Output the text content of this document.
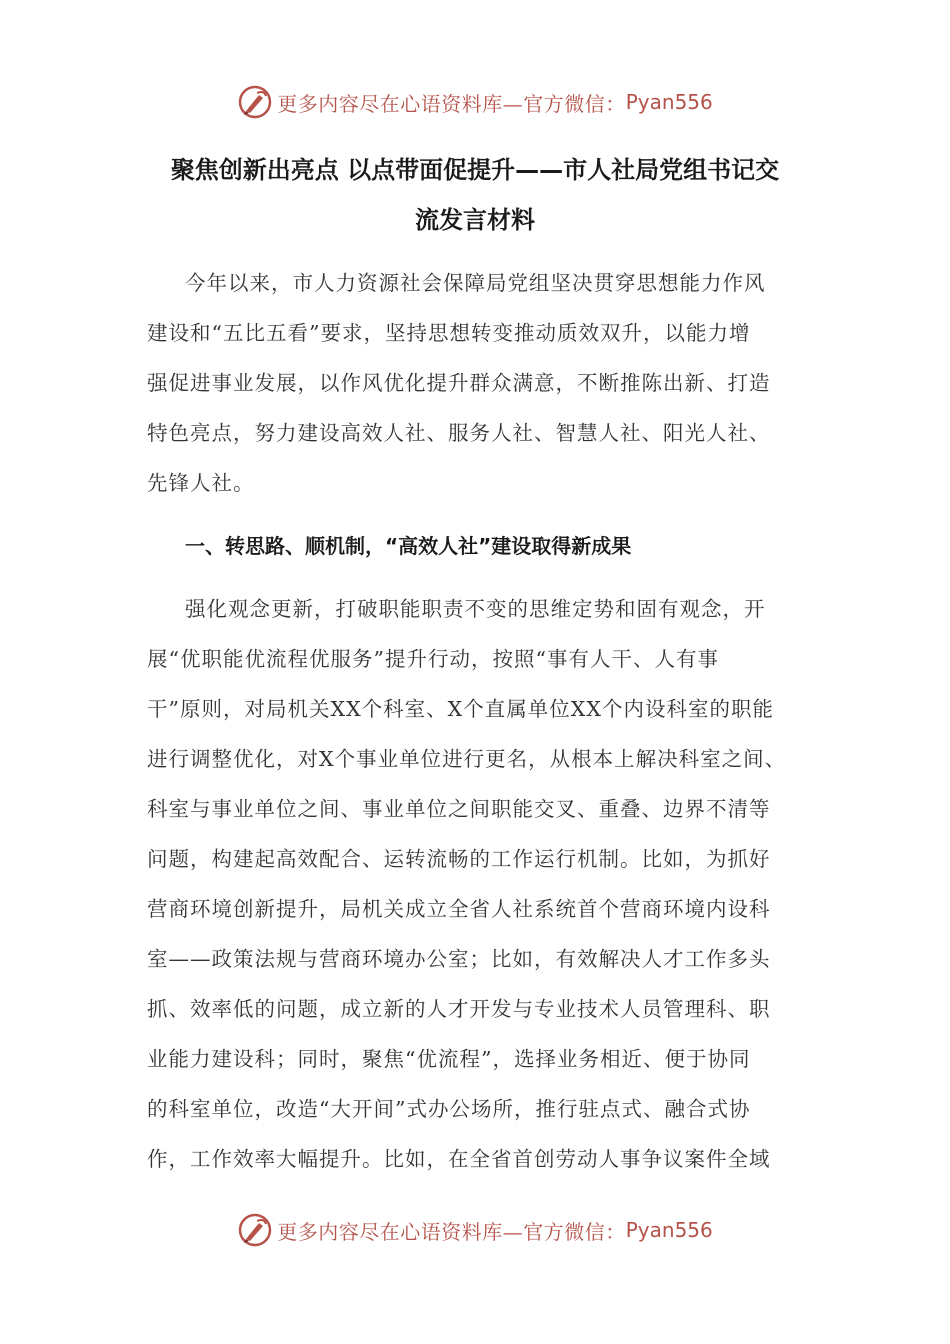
更多内容尽在心语资料库—官方微信： Pyan556
聚焦创新出亮点 以点带面促提升——市人社局党组书记交
流发言材料
今年以来，市人力资源社会保障局党组坚决贯穿思想能力作风
建设和“五比五看”要求，坚持思想转变推动质效双升，以能力增
强促进事业发展，以作风优化提升群众满意，不断推陈出新、打造
特色亮点，努力建设高效人社、服务人社、智慧人社、阳光人社、
先锋人社。
一、转思路、顺机制，“高效人社”建设取得新成果
强化观念更新，打破职能职责不变的思维定势和固有观念，开
展“优职能优流程优服务”提升行动，按照“事有人干、人有事
干”原则，对局机关XX个科室、X个直属单位XX个内设科室的职能
进行调整优化，对X个事业单位进行更名，从根本上解决科室之间、
科室与事业单位之间、事业单位之间职能交叉、重叠、边界不清等
问题，构建起高效配合、运转流畅的工作运行机制。比如，为抓好
营商环境创新提升，局机关成立全省人社系统首个营商环境内设科
室——政策法规与营商环境办公室；比如，有效解决人才工作多头
抓、效率低的问题，成立新的人才开发与专业技术人员管理科、职
业能力建设科；同时，聚焦“优流程”，选择业务相近、便于协同
的科室单位，改造“大开间”式办公场所，推行驻点式、融合式协
作，工作效率大幅提升。比如，在全省首创劳动人事争议案件全域
更多内容尽在心语资料库—官方微信： Pyan556
